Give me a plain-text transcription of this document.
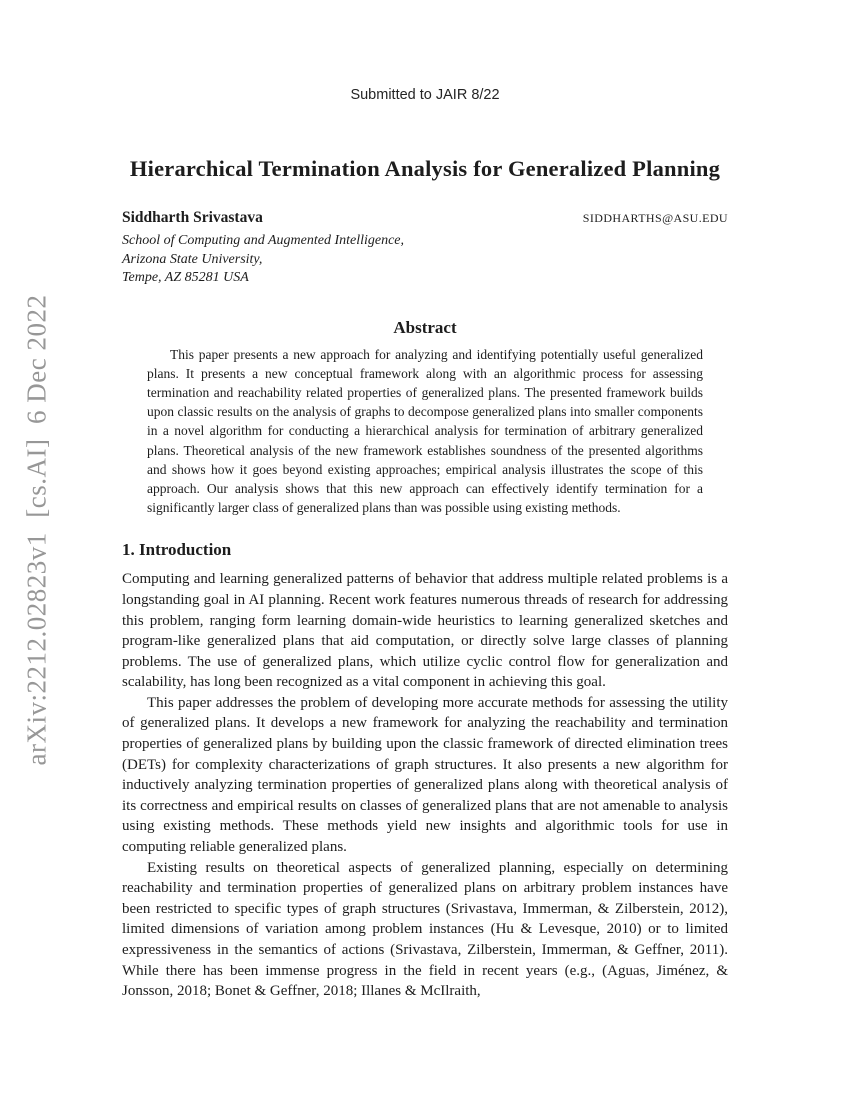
arXiv:2212.02823v1  [cs.AI]  6 Dec 2022
Submitted to JAIR 8/22
Hierarchical Termination Analysis for Generalized Planning
Siddharth Srivastava	SIDDHARTHS@ASU.EDU
School of Computing and Augmented Intelligence,
Arizona State University,
Tempe, AZ 85281 USA
Abstract

This paper presents a new approach for analyzing and identifying potentially useful generalized plans. It presents a new conceptual framework along with an algorithmic process for assessing termination and reachability related properties of generalized plans. The presented framework builds upon classic results on the analysis of graphs to decompose generalized plans into smaller components in a novel algorithm for conducting a hierarchical analysis for termination of arbitrary generalized plans. Theoretical analysis of the new framework establishes soundness of the presented algorithms and shows how it goes beyond existing approaches; empirical analysis illustrates the scope of this approach. Our analysis shows that this new approach can effectively identify termination for a significantly larger class of generalized plans than was possible using existing methods.

1. Introduction

Computing and learning generalized patterns of behavior that address multiple related problems is a longstanding goal in AI planning. Recent work features numerous threads of research for addressing this problem, ranging form learning domain-wide heuristics to learning generalized sketches and program-like generalized plans that aid computation, or directly solve large classes of planning problems. The use of generalized plans, which utilize cyclic control flow for generalization and scalability, has long been recognized as a vital component in achieving this goal.

This paper addresses the problem of developing more accurate methods for assessing the utility of generalized plans. It develops a new framework for analyzing the reachability and termination properties of generalized plans by building upon the classic framework of directed elimination trees (DETs) for complexity characterizations of graph structures. It also presents a new algorithm for inductively analyzing termination properties of generalized plans along with theoretical analysis of its correctness and empirical results on classes of generalized plans that are not amenable to analysis using existing methods. These methods yield new insights and algorithmic tools for use in computing reliable generalized plans.

Existing results on theoretical aspects of generalized planning, especially on determining reachability and termination properties of generalized plans on arbitrary problem instances have been restricted to specific types of graph structures (Srivastava, Immerman, & Zilberstein, 2012), limited dimensions of variation among problem instances (Hu & Levesque, 2010) or to limited expressiveness in the semantics of actions (Srivastava, Zilberstein, Immerman, & Geffner, 2011). While there has been immense progress in the field in recent years (e.g., (Aguas, Jiménez, & Jonsson, 2018; Bonet & Geffner, 2018; Illanes & McIlraith,
